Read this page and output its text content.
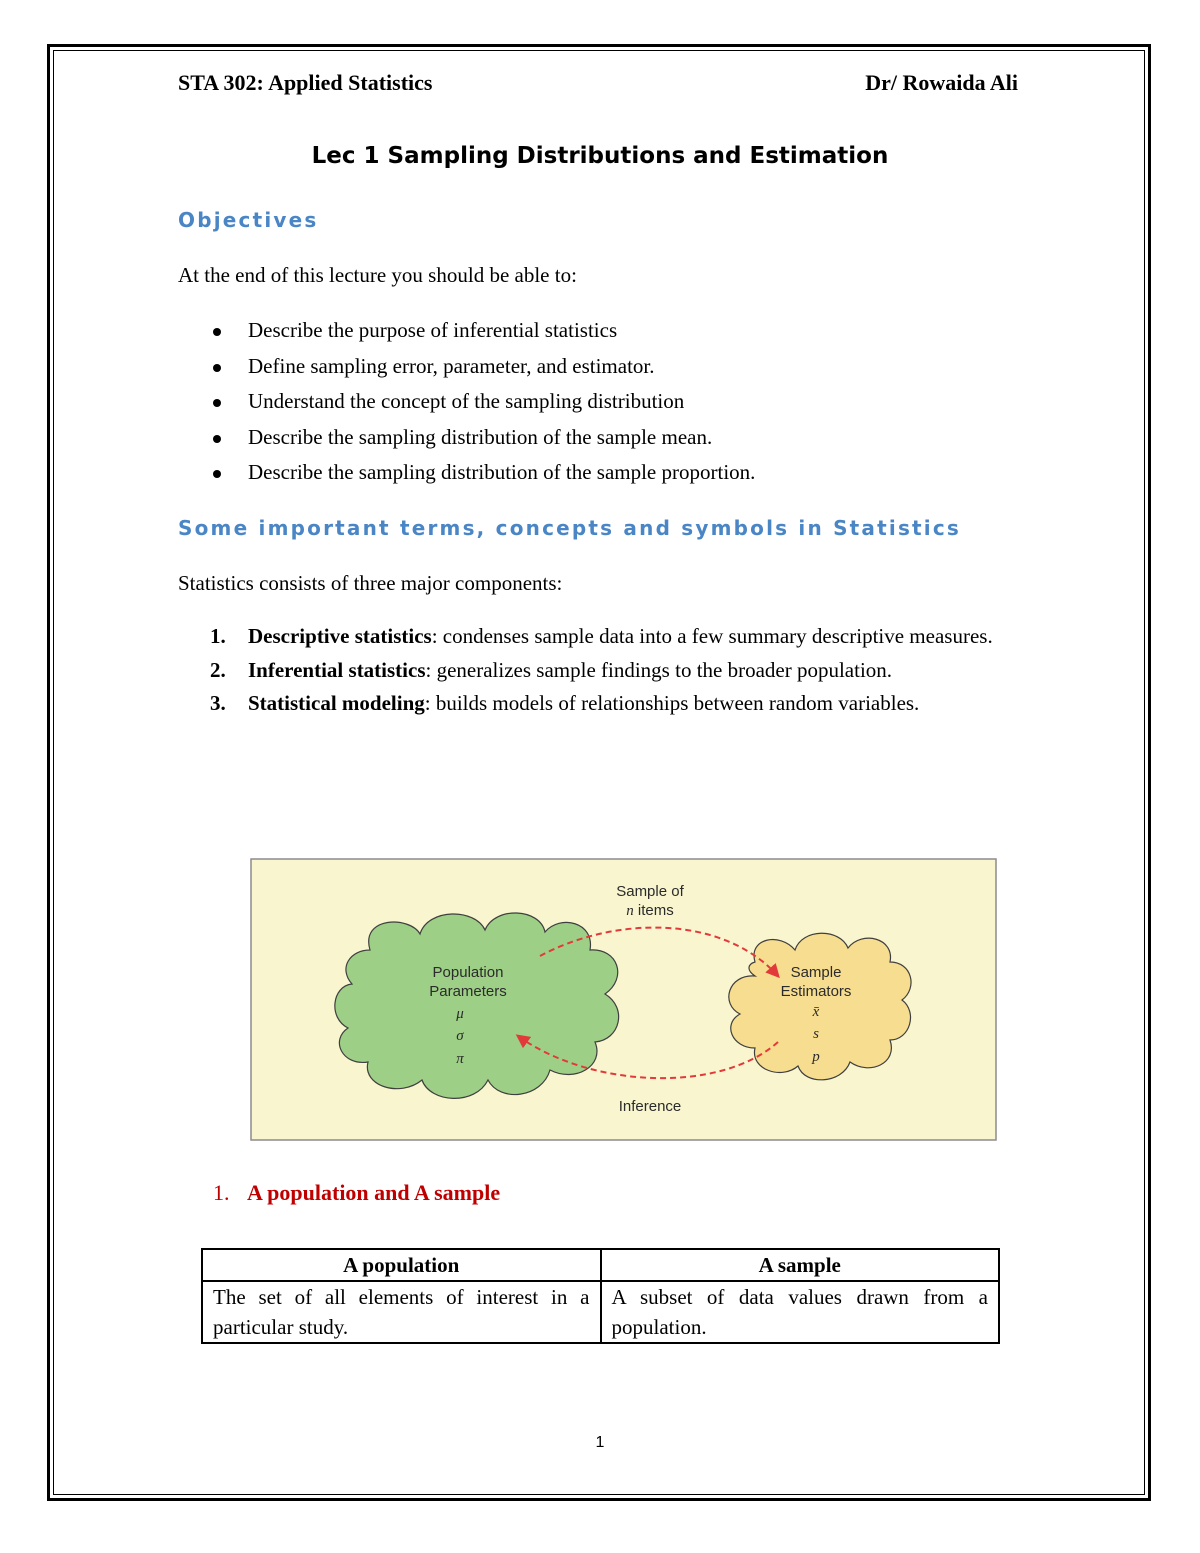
STA 302: Applied Statistics	Dr/ Rowaida Ali
Lec 1 Sampling Distributions and Estimation
Objectives
At the end of this lecture you should be able to:
Describe the purpose of inferential statistics
Define sampling error, parameter, and estimator.
Understand the concept of the sampling distribution
Describe the sampling distribution of the sample mean.
Describe the sampling distribution of the sample proportion.
Some important terms, concepts and symbols in Statistics
Statistics consists of three major components:
1. Descriptive statistics: condenses sample data into a few summary descriptive measures.
2. Inferential statistics: generalizes sample findings to the broader population.
3. Statistical modeling: builds models of relationships between random variables.
Sample of
n items
Population
Parameters
μ
σ
π
Sample
Estimators
x̄
s
p
Inference
1. A population and A sample
A population	A sample
The set of all elements of interest in a particular study.	A subset of data values drawn from a population.
1
